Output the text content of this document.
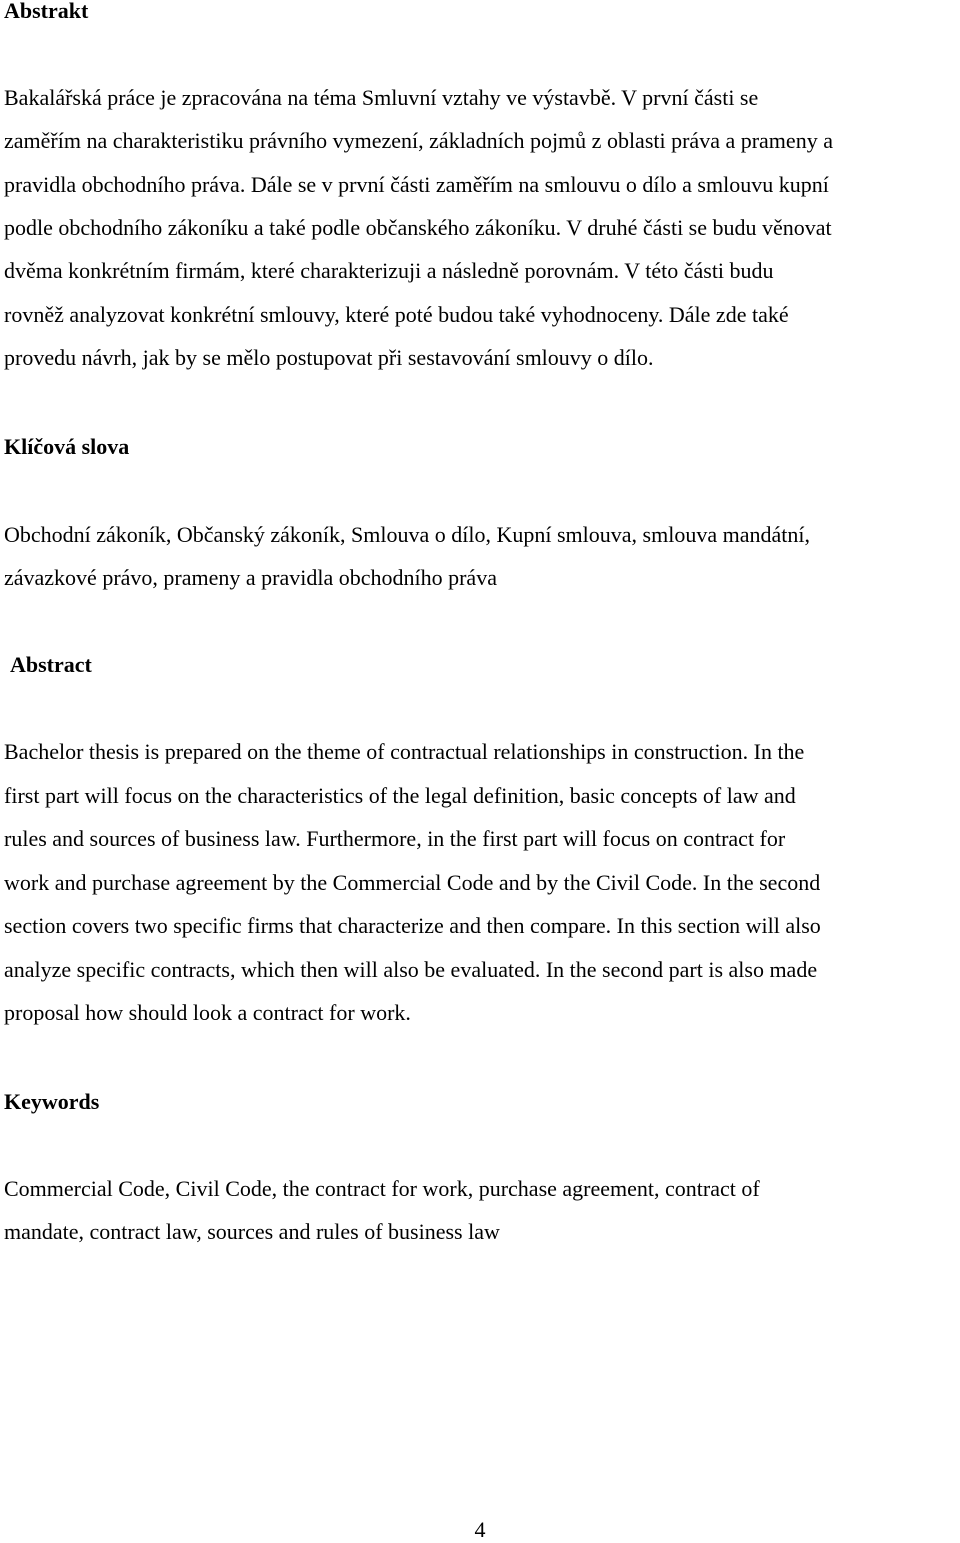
Abstrakt

Bakalářská práce je zpracována na téma Smluvní vztahy ve výstavbě. V první části se

zaměřím na charakteristiku právního vymezení, základních pojmů z oblasti práva a prameny a

pravidla obchodního práva. Dále se v první části zaměřím na smlouvu o dílo a smlouvu kupní

podle obchodního zákoníku a také podle občanského zákoníku. V druhé části se budu věnovat

dvěma konkrétním firmám, které charakterizuji a následně porovnám. V této části budu

rovněž analyzovat konkrétní smlouvy, které poté budou také vyhodnoceny. Dále zde také

provedu návrh, jak by se mělo postupovat při sestavování smlouvy o dílo.

Klíčová slova

Obchodní zákoník, Občanský zákoník, Smlouva o dílo, Kupní smlouva, smlouva mandátní,

závazkové právo, prameny a pravidla obchodního práva

Abstract

Bachelor thesis is prepared on the theme of contractual relationships in construction. In the

first part will focus on the characteristics of the legal definition, basic concepts of law and

rules and sources of business law. Furthermore, in the first part will focus on contract for

work and purchase agreement by the Commercial Code and by the Civil Code. In the second

section covers two specific firms that characterize and then compare. In this section will also

analyze specific contracts, which then will also be evaluated. In the second part is also made

proposal how should look a contract for work.

Keywords

Commercial Code, Civil Code, the contract for work, purchase agreement, contract of

mandate, contract law, sources and rules of business law

4
